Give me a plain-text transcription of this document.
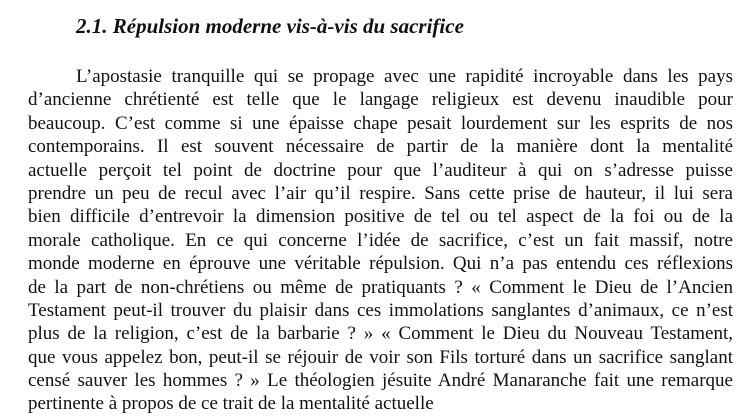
2.1. Répulsion moderne vis-à-vis du sacrifice
L’apostasie tranquille qui se propage avec une rapidité incroyable dans les pays
d’ancienne chrétienté est telle que le langage religieux est devenu inaudible pour
beaucoup. C’est comme si une épaisse chape pesait lourdement sur les esprits de nos
contemporains. Il est souvent nécessaire de partir de la manière dont la mentalité
actuelle perçoit tel point de doctrine pour que l’auditeur à qui on s’adresse puisse
prendre un peu de recul avec l’air qu’il respire. Sans cette prise de hauteur, il lui sera
bien difficile d’entrevoir la dimension positive de tel ou tel aspect de la foi ou de la
morale catholique. En ce qui concerne l’idée de sacrifice, c’est un fait massif, notre
monde moderne en éprouve une véritable répulsion. Qui n’a pas entendu ces réflexions
de la part de non-chrétiens ou même de pratiquants ? « Comment le Dieu de l’Ancien
Testament peut-il trouver du plaisir dans ces immolations sanglantes d’animaux, ce n’est
plus de la religion, c’est de la barbarie ? » « Comment le Dieu du Nouveau Testament,
que vous appelez bon, peut-il se réjouir de voir son Fils torturé dans un sacrifice sanglant
censé sauver les hommes ? » Le théologien jésuite André Manaranche fait une remarque
pertinente à propos de ce trait de la mentalité actuelle
